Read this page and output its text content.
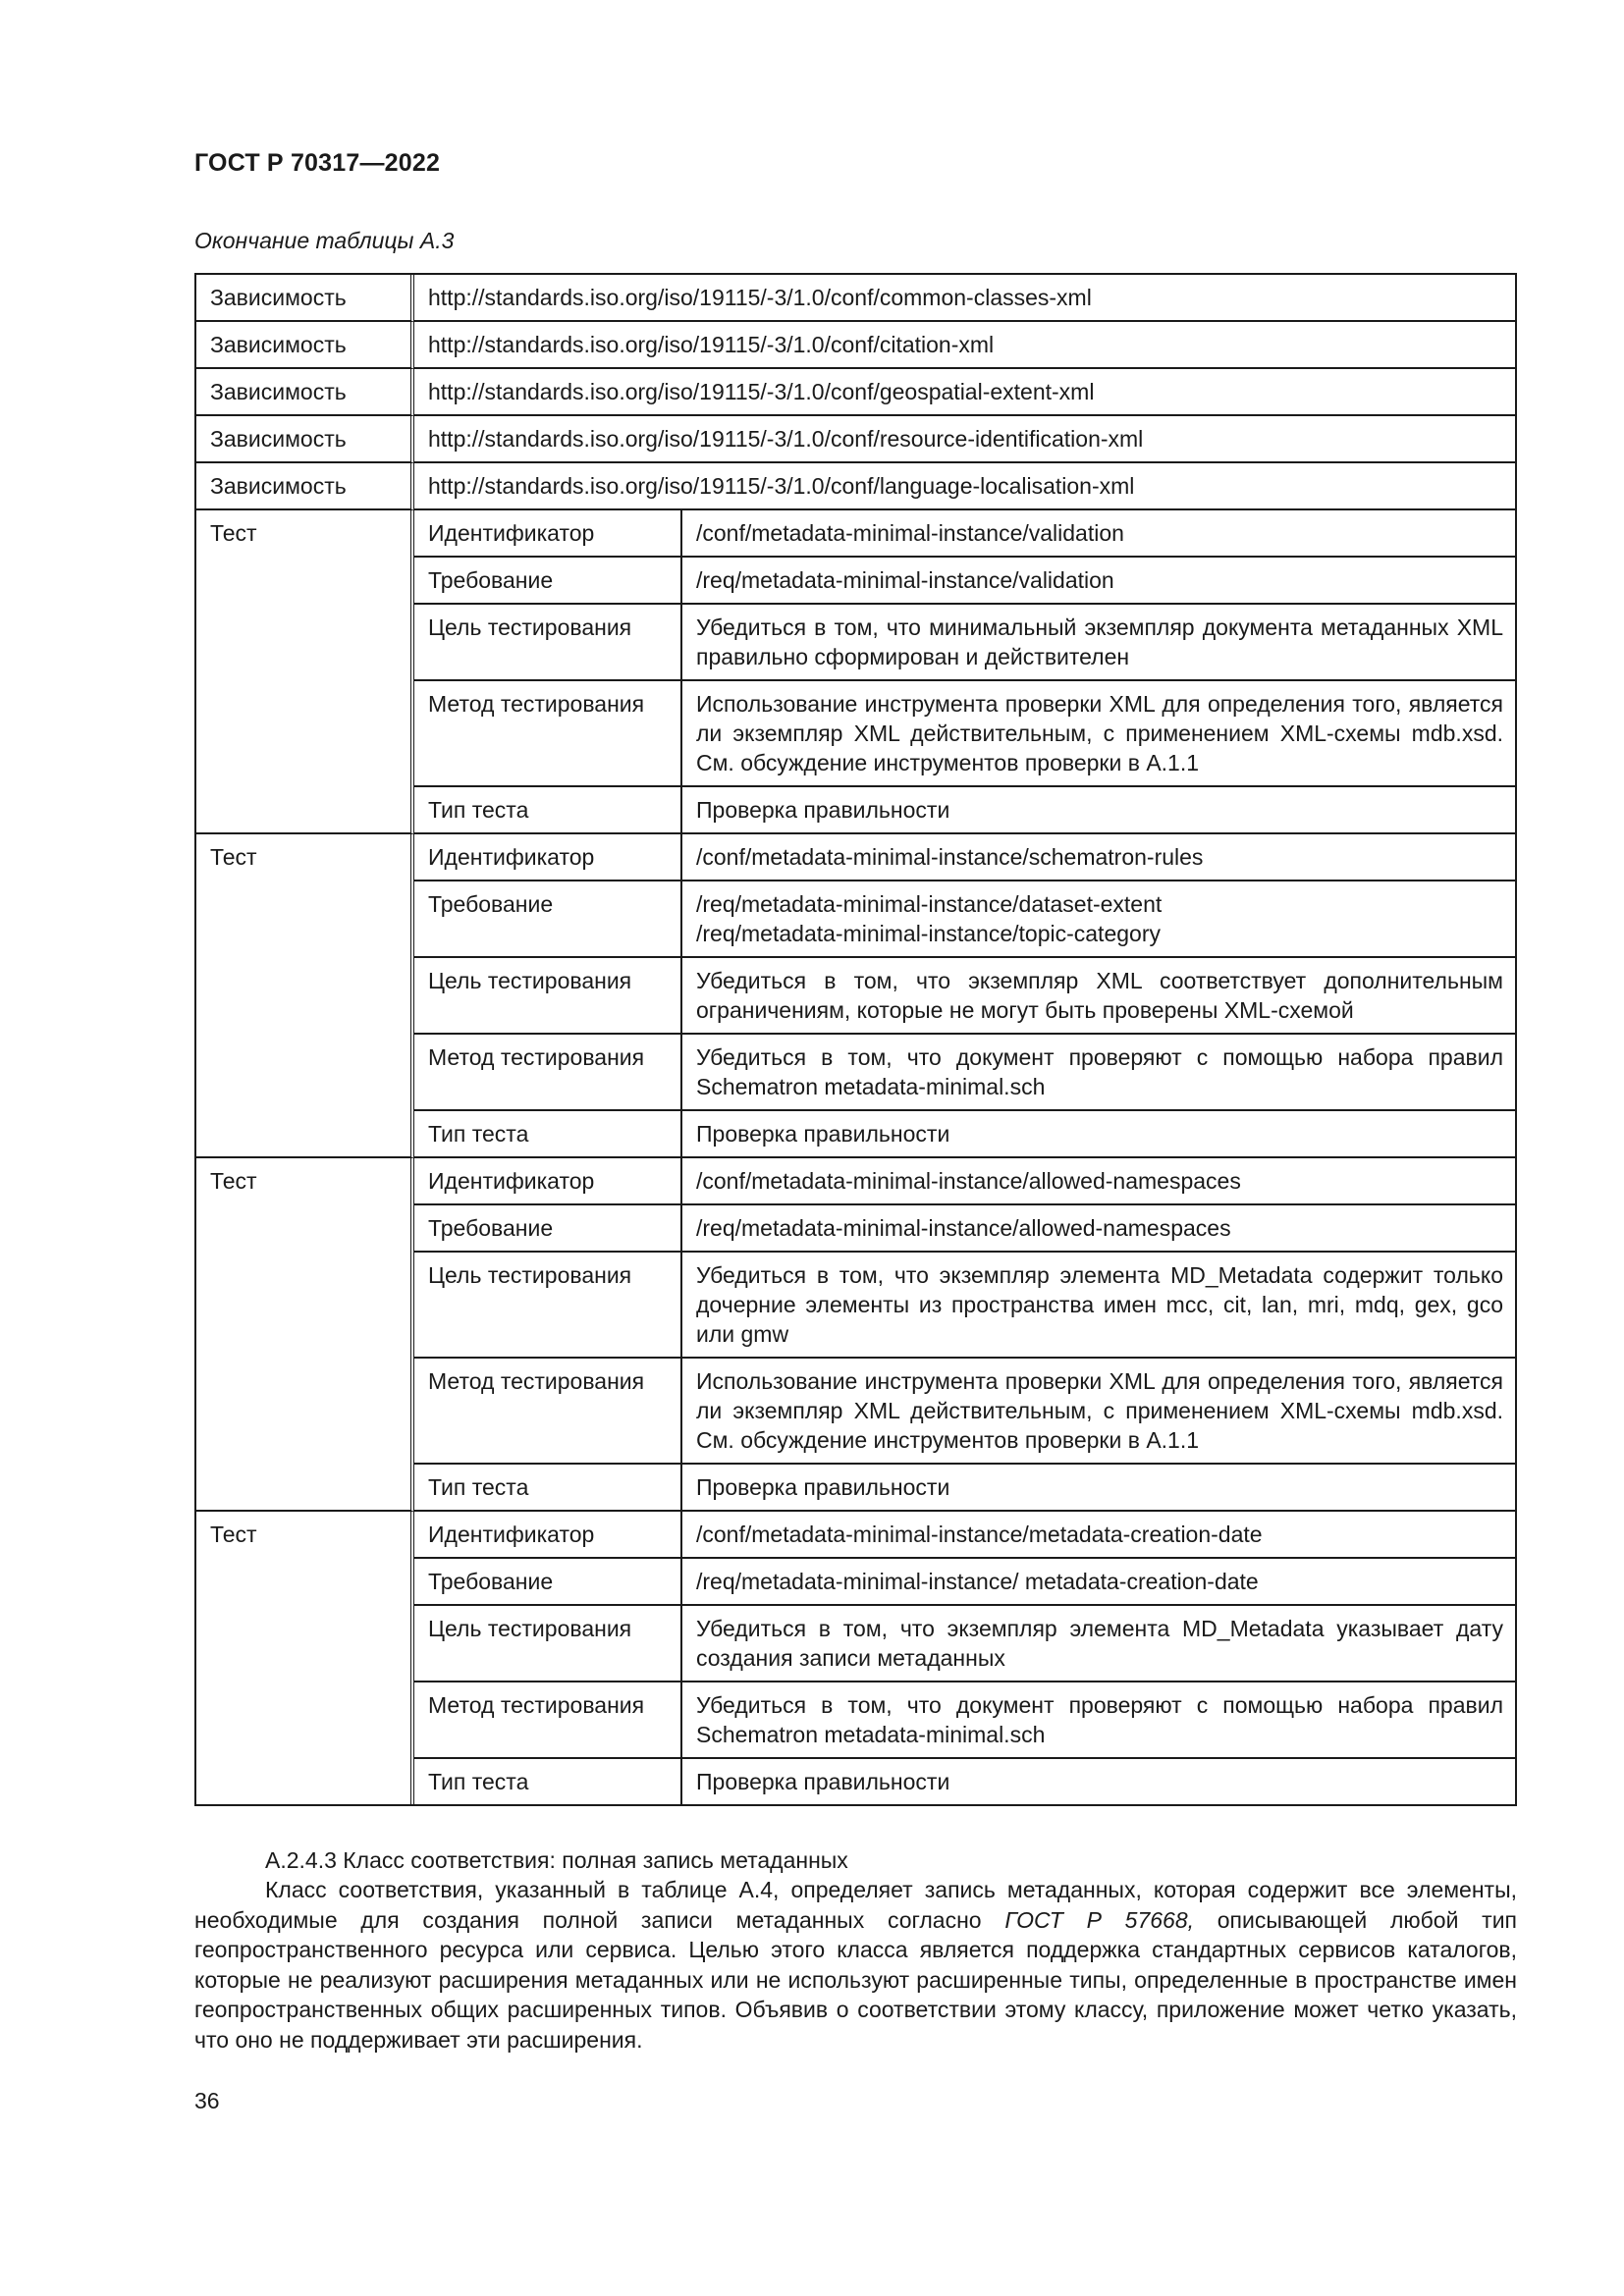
ГОСТ Р 70317—2022
Окончание таблицы А.3
Зависимость	http://standards.iso.org/iso/19115/-3/1.0/conf/common-classes-xml	
Зависимость	http://standards.iso.org/iso/19115/-3/1.0/conf/citation-xml	
Зависимость	http://standards.iso.org/iso/19115/-3/1.0/conf/geospatial-extent-xml	
Зависимость	http://standards.iso.org/iso/19115/-3/1.0/conf/resource-identification-xml	
Зависимость	http://standards.iso.org/iso/19115/-3/1.0/conf/language-localisation-xml	
Тест	Идентификатор	/conf/metadata-minimal-instance/validation
	Требование	/req/metadata-minimal-instance/validation
	Цель тестирования	Убедиться в том, что минимальный экземпляр документа метаданных XML правильно сформирован и действителен
	Метод тестирования	Использование инструмента проверки XML для определения того, является ли экземпляр XML действительным, с применением XML-схемы mdb.xsd. См. обсуждение инструментов проверки в А.1.1
	Тип теста	Проверка правильности
Тест	Идентификатор	/conf/metadata-minimal-instance/schematron-rules
	Требование	/req/metadata-minimal-instance/dataset-extent
/req/metadata-minimal-instance/topic-category
	Цель тестирования	Убедиться в том, что экземпляр XML соответствует дополнительным ограничениям, которые не могут быть проверены XML-схемой
	Метод тестирования	Убедиться в том, что документ проверяют с помощью набора правил Schematron metadata-minimal.sch
	Тип теста	Проверка правильности
Тест	Идентификатор	/conf/metadata-minimal-instance/allowed-namespaces
	Требование	/req/metadata-minimal-instance/allowed-namespaces
	Цель тестирования	Убедиться в том, что экземпляр элемента MD_Metadata содержит только дочерние элементы из пространства имен mcc, cit, lan, mri, mdq, gex, gco или gmw
	Метод тестирования	Использование инструмента проверки XML для определения того, является ли экземпляр XML действительным, с применением XML-схемы mdb.xsd. См. обсуждение инструментов проверки в А.1.1
	Тип теста	Проверка правильности
Тест	Идентификатор	/conf/metadata-minimal-instance/metadata-creation-date
	Требование	/req/metadata-minimal-instance/ metadata-creation-date
	Цель тестирования	Убедиться в том, что экземпляр элемента MD_Metadata указывает дату создания записи метаданных
	Метод тестирования	Убедиться в том, что документ проверяют с помощью набора правил Schematron metadata-minimal.sch
	Тип теста	Проверка правильности
А.2.4.3 Класс соответствия: полная запись метаданных
Класс соответствия, указанный в таблице А.4, определяет запись метаданных, которая содержит все элементы, необходимые для создания полной записи метаданных согласно ГОСТ Р 57668, описывающей любой тип геопространственного ресурса или сервиса. Целью этого класса является поддержка стандартных сервисов каталогов, которые не реализуют расширения метаданных или не используют расширенные типы, определенные в пространстве имен геопространственных общих расширенных типов. Объявив о соответствии этому классу, приложение может четко указать, что оно не поддерживает эти расширения.
36
